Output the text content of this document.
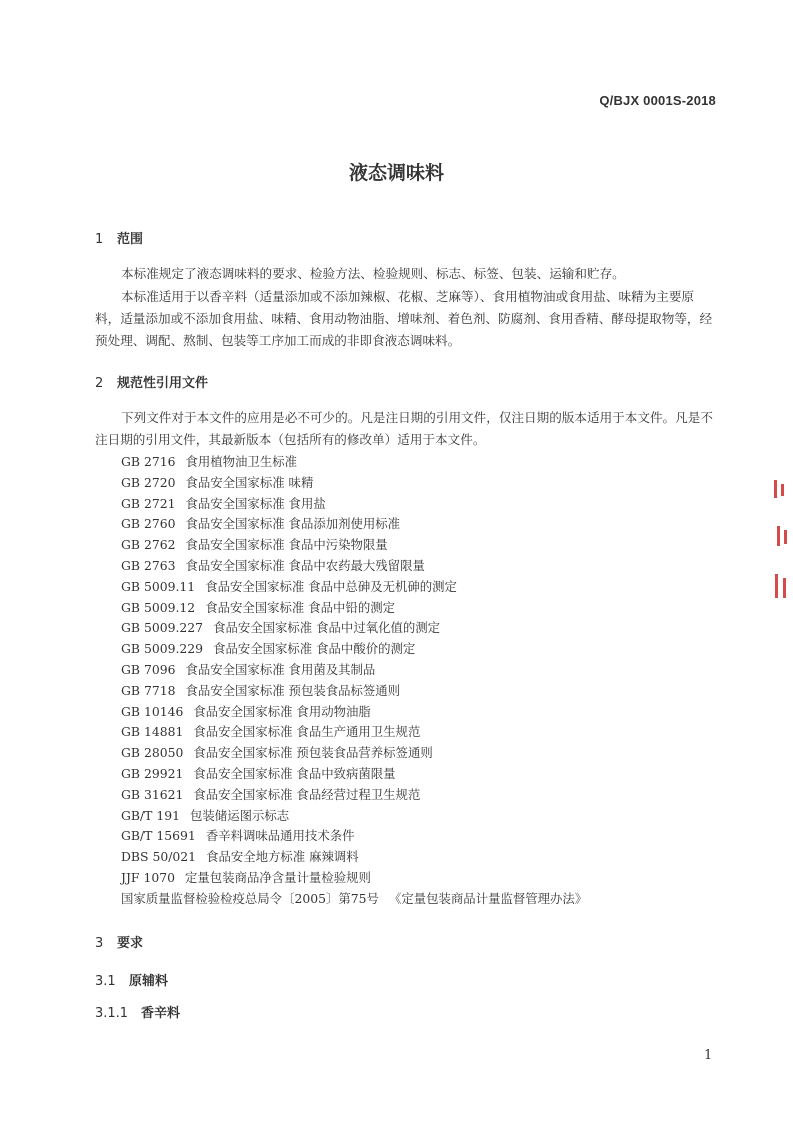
Q/BJX 0001S-2018
液态调味料
1 范围
本标准规定了液态调味料的要求、检验方法、检验规则、标志、标签、包装、运输和贮存。
本标准适用于以香辛料（适量添加或不添加辣椒、花椒、芝麻等）、食用植物油或食用盐、味精为主要原料，适量添加或不添加食用盐、味精、食用动物油脂、增味剂、着色剂、防腐剂、食用香精、酵母提取物等，经预处理、调配、熬制、包装等工序加工而成的非即食液态调味料。
2 规范性引用文件
下列文件对于本文件的应用是必不可少的。凡是注日期的引用文件，仅注日期的版本适用于本文件。凡是不注日期的引用文件，其最新版本（包括所有的修改单）适用于本文件。
GB 2716 食用植物油卫生标准
GB 2720 食品安全国家标准 味精
GB 2721 食品安全国家标准 食用盐
GB 2760 食品安全国家标准 食品添加剂使用标准
GB 2762 食品安全国家标准 食品中污染物限量
GB 2763 食品安全国家标准 食品中农药最大残留限量
GB 5009.11 食品安全国家标准 食品中总砷及无机砷的测定
GB 5009.12 食品安全国家标准 食品中铅的测定
GB 5009.227 食品安全国家标准 食品中过氧化值的测定
GB 5009.229 食品安全国家标准 食品中酸价的测定
GB 7096 食品安全国家标准 食用菌及其制品
GB 7718 食品安全国家标准 预包装食品标签通则
GB 10146 食品安全国家标准 食用动物油脂
GB 14881 食品安全国家标准 食品生产通用卫生规范
GB 28050 食品安全国家标准 预包装食品营养标签通则
GB 29921 食品安全国家标准 食品中致病菌限量
GB 31621 食品安全国家标准 食品经营过程卫生规范
GB/T 191 包装储运图示标志
GB/T 15691 香辛料调味品通用技术条件
DBS 50/021 食品安全地方标准 麻辣调料
JJF 1070 定量包装商品净含量计量检验规则
国家质量监督检验检疫总局令〔2005〕第75号 《定量包装商品计量监督管理办法》
3 要求
3.1 原辅料
3.1.1 香辛料
1
